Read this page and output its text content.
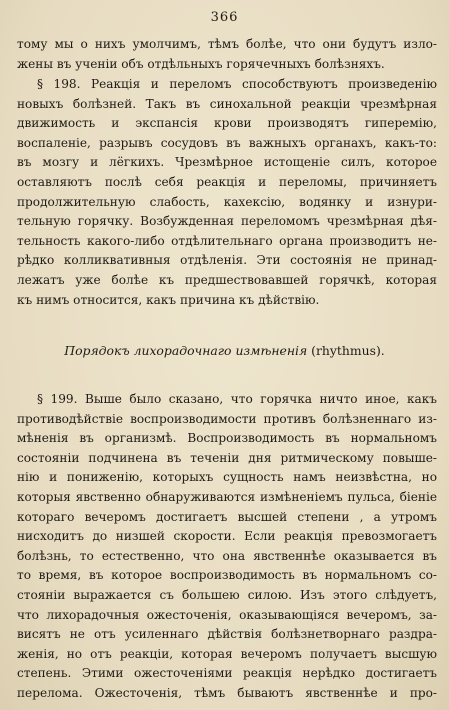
366
тому мы о нихъ умолчимъ, тѣмъ болѣе, что они будутъ изло-
жены въ ученіи объ отдѣльныхъ горячечныхъ болѣзняхъ.
§ 198. Реакція и переломъ способствуютъ произведенію
новыхъ болѣзней. Такъ въ синохальной реакціи чрезмѣрная
движимость и экспансія крови производятъ гиперемію,
воспаленіе, разрывъ сосудовъ въ важныхъ органахъ, какъ-то:
въ мозгу и лёгкихъ. Чрезмѣрное истощеніе силъ, которое
оставляютъ послѣ себя реакція и переломы, причиняетъ
продолжительную слабость, кахексію, водянку и изнури-
тельную горячку. Возбужденная переломомъ чрезмѣрная дѣя-
тельность какого-либо отдѣлительнаго органа производитъ не-
рѣдко колликвативныя отдѣленія. Эти состоянія не принад-
лежатъ уже болѣе къ предшествовавшей горячкѣ, которая
къ нимъ относится, какъ причина къ дѣйствію.
Порядокъ лихорадочнаго измѣненія (rhythmus).
§ 199. Выше было сказано, что горячка ничто иное, какъ
противодѣйствіе воспроизводимости противъ болѣзненнаго из-
мѣненія въ организмѣ. Воспроизводимость въ нормальномъ
состояніи подчинена въ теченіи дня ритмическому повыше-
нію и пониженію, которыхъ сущность намъ неизвѣстна, но
которыя явственно обнаруживаются измѣненіемъ пульса, біеніе
котораго вечеромъ достигаетъ высшей степени , а утромъ
нисходитъ до низшей скорости. Если реакція превозмогаетъ
болѣзнь, то естественно, что она явственнѣе оказывается въ
то время, въ которое воспроизводимость въ нормальномъ со-
стояніи выражается съ большею силою. Изъ этого слѣдуетъ,
что лихорадочныя ожесточенія, оказывающіяся вечеромъ, за-
висятъ не отъ усиленнаго дѣйствія болѣзнетворнаго раздра-
женія, но отъ реакціи, которая вечеромъ получаетъ высшую
степень. Этими ожесточеніями реакція нерѣдко достигаетъ
перелома. Ожесточенія, тѣмъ бываютъ явственнѣе и про-
